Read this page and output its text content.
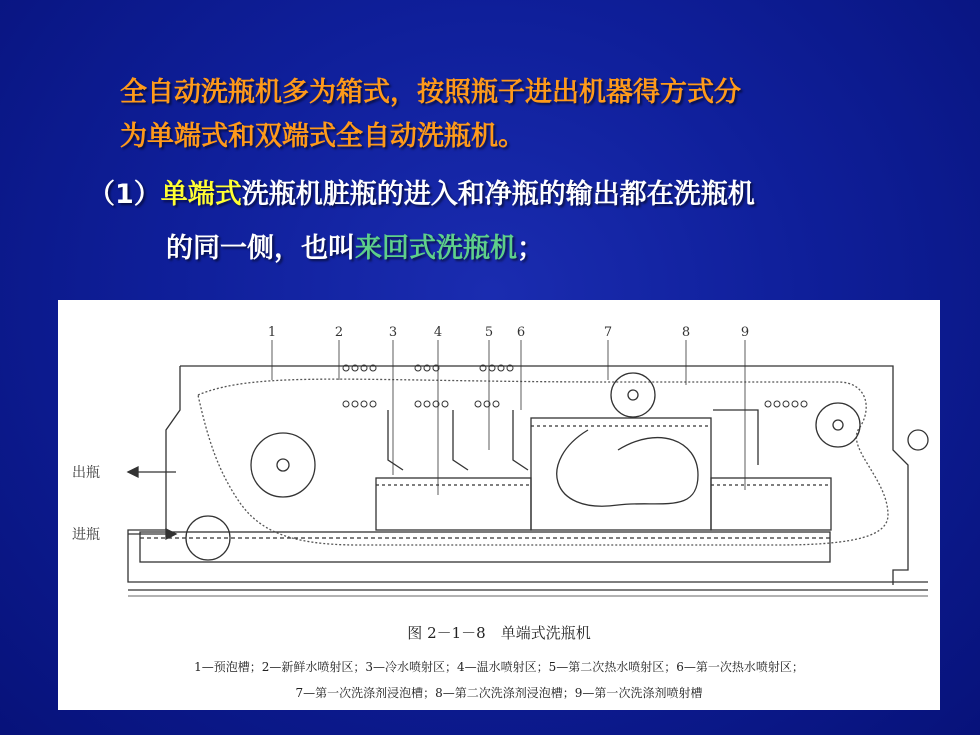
全自动洗瓶机多为箱式，按照瓶子进出机器得方式分
为单端式和双端式全自动洗瓶机。
（1）单端式洗瓶机脏瓶的进入和净瓶的输出都在洗瓶机
的同一侧，也叫来回式洗瓶机；
1	2	3	4	5 6	7	8	9
出瓶
进瓶
图 2－1－8　单端式洗瓶机
1—预泡槽；2—新鲜水喷射区；3—冷水喷射区；4—温水喷射区；5—第二次热水喷射区；6—第一次热水喷射区；
7—第一次洗涤剂浸泡槽；8—第二次洗涤剂浸泡槽；9—第一次洗涤剂喷射槽
